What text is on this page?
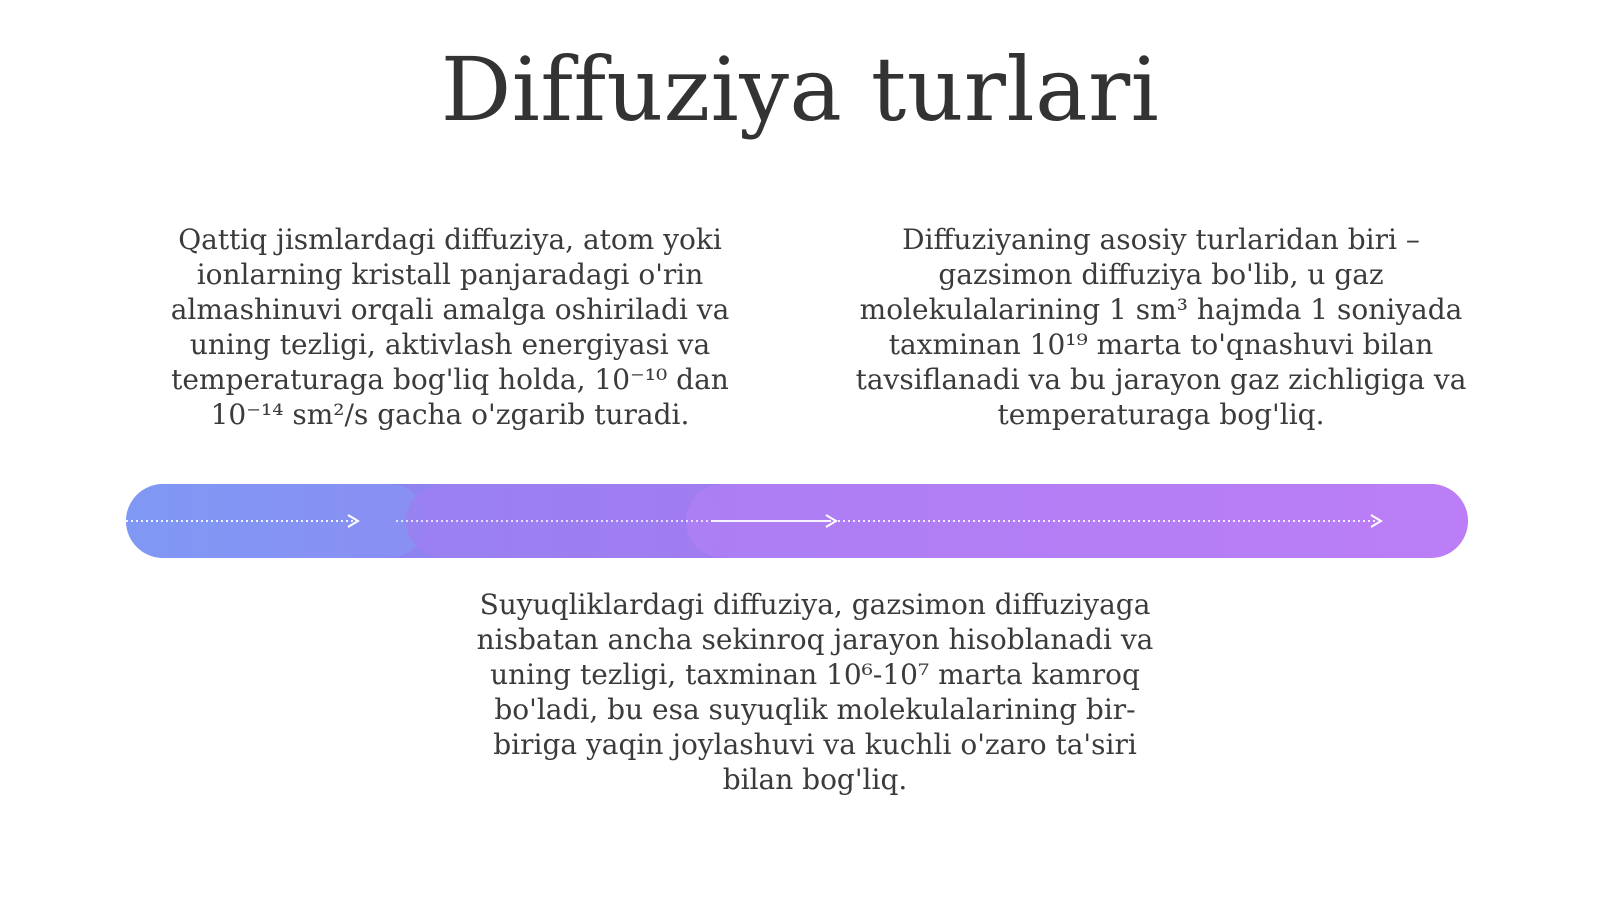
Diffuziya turlari

Qattiq jismlardagi diffuziya, atom yoki

ionlarning kristall panjaradagi o'rin

almashinuvi orqali amalga oshiriladi va

uning tezligi, aktivlash energiyasi va

temperaturaga bog'liq holda, 10⁻¹⁰ dan

10⁻¹⁴ sm²/s gacha o'zgarib turadi.

Diffuziyaning asosiy turlaridan biri –

gazsimon diffuziya bo'lib, u gaz

molekulalarining 1 sm³ hajmda 1 soniyada

taxminan 10¹⁹ marta to'qnashuvi bilan

tavsiflanadi va bu jarayon gaz zichligiga va

temperaturaga bog'liq.

Suyuqliklardagi diffuziya, gazsimon diffuziyaga

nisbatan ancha sekinroq jarayon hisoblanadi va

uning tezligi, taxminan 10⁶-10⁷ marta kamroq

bo'ladi, bu esa suyuqlik molekulalarining bir-

biriga yaqin joylashuvi va kuchli o'zaro ta'siri

bilan bog'liq.
